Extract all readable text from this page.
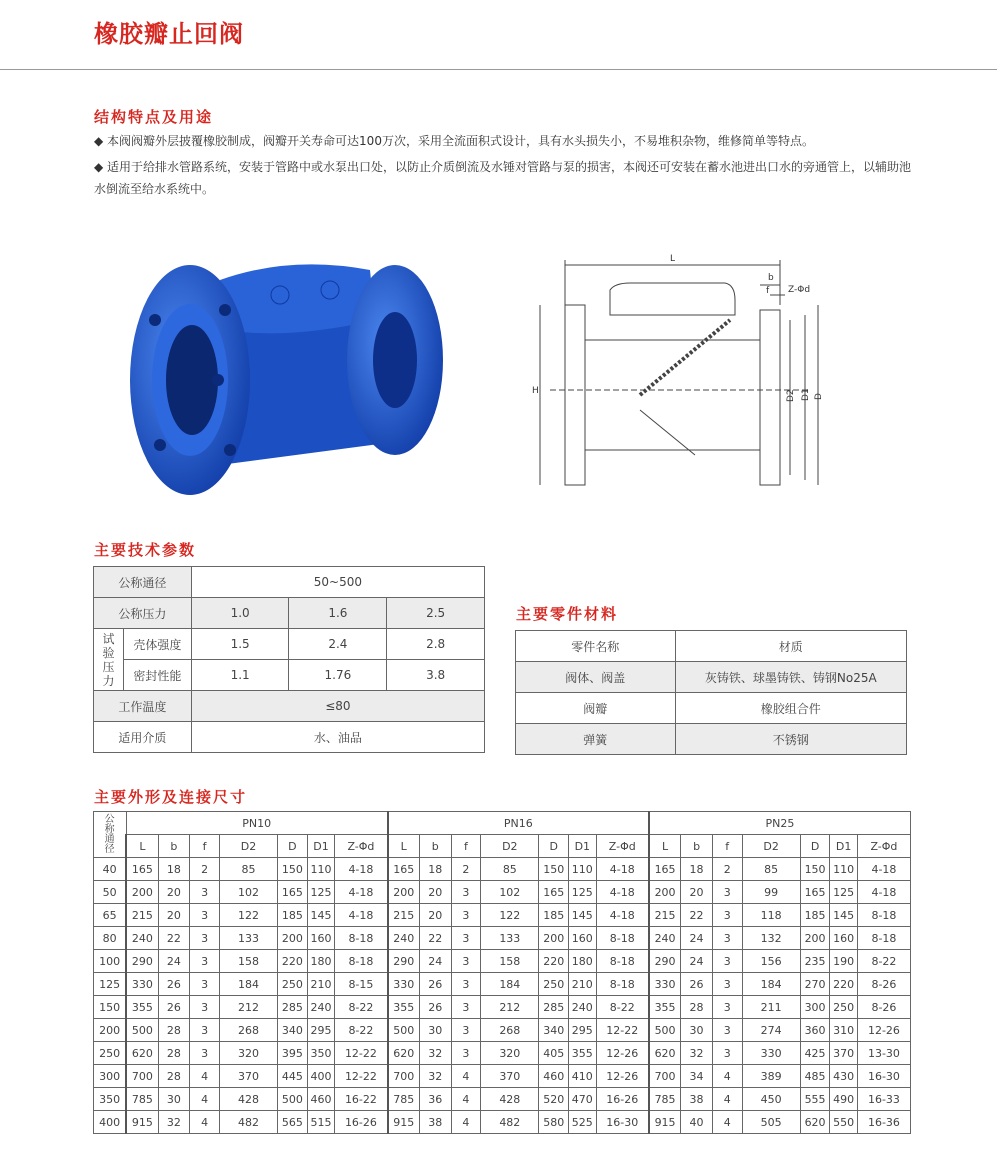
橡胶瓣止回阀
结构特点及用途
◆ 本阀阀瓣外层披覆橡胶制成，阀瓣开关寿命可达100万次，采用全流面积式设计，具有水头损失小，不易堆积杂物，维修简单等特点。
◆ 适用于给排水管路系统，安装于管路中或水泵出口处，以防止介质倒流及水锤对管路与泵的损害，本阀还可安装在蓄水池进出口水的旁通管上，以辅助池水倒流至给水系统中。
L
b
f Z-Φd
H	D2 D1 D
主要技术参数
公称通径		50~500		
公称压力		1.0	1.6	2.5
试验压力	壳体强度	1.5	2.4	2.8
	密封性能	1.1	1.76	3.8
工作温度		≤80		
适用介质		水、油品		
主要零件材料
零件名称	材质
阀体、阀盖	灰铸铁、球墨铸铁、铸钢No25A
阀瓣	橡胶组合件
弹簧	不锈钢
主要外形及连接尺寸
公称通径	PN10							PN16							PN25						
	L	b	f	D2	D	D1	Z-Φd	L	b	f	D2	D	D1	Z-Φd	L	b	f	D2	D	D1	Z-Φd
40	165	18	2	85	150	110	4-18	165	18	2	85	150	110	4-18	165	18	2	85	150	110	4-18
50	200	20	3	102	165	125	4-18	200	20	3	102	165	125	4-18	200	20	3	99	165	125	4-18
65	215	20	3	122	185	145	4-18	215	20	3	122	185	145	4-18	215	22	3	118	185	145	8-18
80	240	22	3	133	200	160	8-18	240	22	3	133	200	160	8-18	240	24	3	132	200	160	8-18
100	290	24	3	158	220	180	8-18	290	24	3	158	220	180	8-18	290	24	3	156	235	190	8-22
125	330	26	3	184	250	210	8-15	330	26	3	184	250	210	8-18	330	26	3	184	270	220	8-26
150	355	26	3	212	285	240	8-22	355	26	3	212	285	240	8-22	355	28	3	211	300	250	8-26
200	500	28	3	268	340	295	8-22	500	30	3	268	340	295	12-22	500	30	3	274	360	310	12-26
250	620	28	3	320	395	350	12-22	620	32	3	320	405	355	12-26	620	32	3	330	425	370	13-30
300	700	28	4	370	445	400	12-22	700	32	4	370	460	410	12-26	700	34	4	389	485	430	16-30
350	785	30	4	428	500	460	16-22	785	36	4	428	520	470	16-26	785	38	4	450	555	490	16-33
400	915	32	4	482	565	515	16-26	915	38	4	482	580	525	16-30	915	40	4	505	620	550	16-36
